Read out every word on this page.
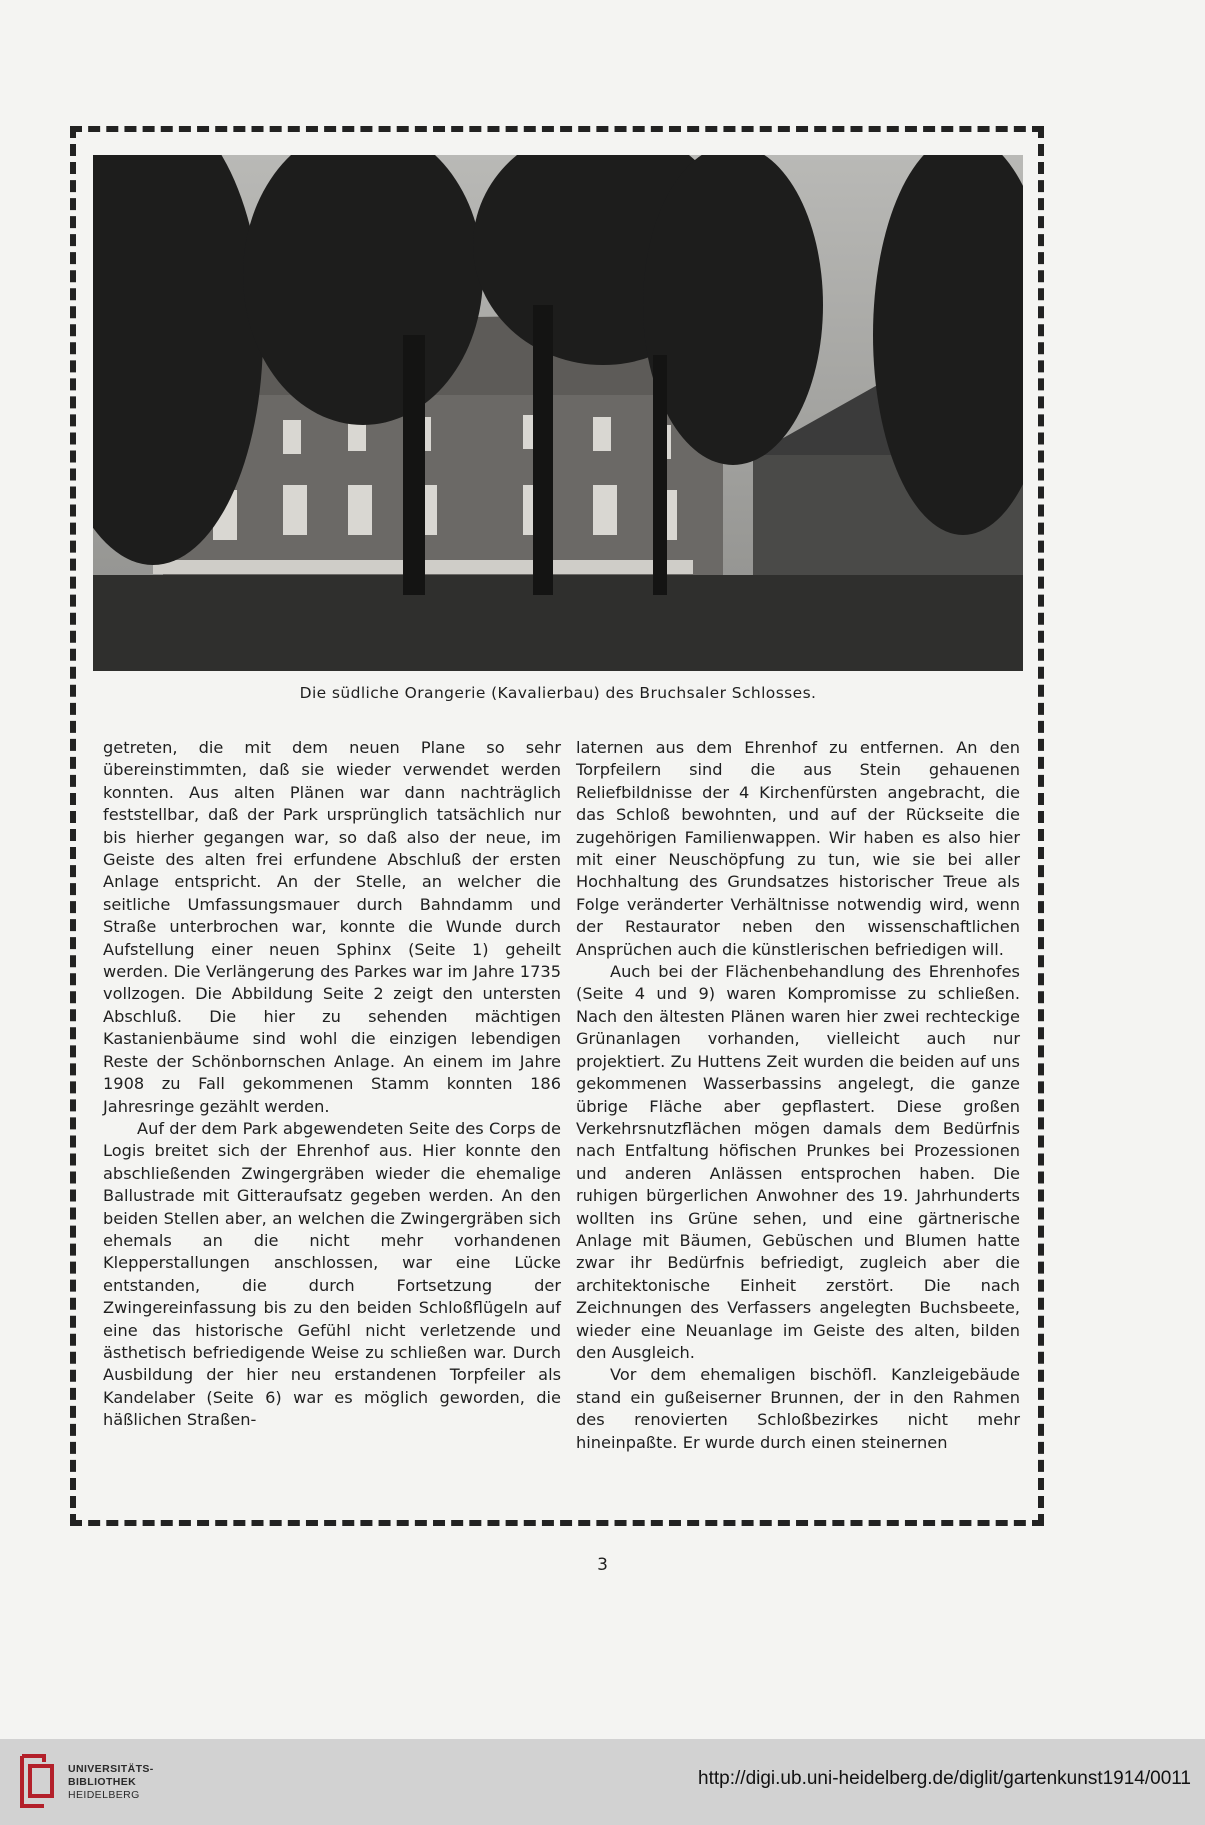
Die südliche Orangerie (Kavalierbau) des Bruchsaler Schlosses.

getreten, die mit dem neuen Plane so sehr übereinstimmten, daß sie wieder verwendet werden konnten. Aus alten Plänen war dann nachträglich feststellbar, daß der Park ursprünglich tatsächlich nur bis hierher gegangen war, so daß also der neue, im Geiste des alten frei erfundene Abschluß der ersten Anlage entspricht. An der Stelle, an welcher die seitliche Umfassungsmauer durch Bahndamm und Straße unterbrochen war, konnte die Wunde durch Aufstellung einer neuen Sphinx (Seite 1) geheilt werden. Die Verlängerung des Parkes war im Jahre 1735 vollzogen. Die Abbildung Seite 2 zeigt den untersten Abschluß. Die hier zu sehenden mächtigen Kastanienbäume sind wohl die einzigen lebendigen Reste der Schönbornschen Anlage. An einem im Jahre 1908 zu Fall gekommenen Stamm konnten 186 Jahresringe gezählt werden.

Auf der dem Park abgewendeten Seite des Corps de Logis breitet sich der Ehrenhof aus. Hier konnte den abschließenden Zwingergräben wieder die ehemalige Ballustrade mit Gitteraufsatz gegeben werden. An den beiden Stellen aber, an welchen die Zwingergräben sich ehemals an die nicht mehr vorhandenen Klepperstallungen anschlossen, war eine Lücke entstanden, die durch Fortsetzung der Zwingereinfassung bis zu den beiden Schloßflügeln auf eine das historische Gefühl nicht verletzende und ästhetisch befriedigende Weise zu schließen war. Durch Ausbildung der hier neu erstandenen Torpfeiler als Kandelaber (Seite 6) war es möglich geworden, die häßlichen Straßen-

laternen aus dem Ehrenhof zu entfernen. An den Torpfeilern sind die aus Stein gehauenen Reliefbildnisse der 4 Kirchenfürsten angebracht, die das Schloß bewohnten, und auf der Rückseite die zugehörigen Familienwappen. Wir haben es also hier mit einer Neuschöpfung zu tun, wie sie bei aller Hochhaltung des Grundsatzes historischer Treue als Folge veränderter Verhältnisse notwendig wird, wenn der Restaurator neben den wissenschaftlichen Ansprüchen auch die künstlerischen befriedigen will.

Auch bei der Flächenbehandlung des Ehrenhofes (Seite 4 und 9) waren Kompromisse zu schließen. Nach den ältesten Plänen waren hier zwei rechteckige Grünanlagen vorhanden, vielleicht auch nur projektiert. Zu Huttens Zeit wurden die beiden auf uns gekommenen Wasserbassins angelegt, die ganze übrige Fläche aber gepflastert. Diese großen Verkehrsnutzflächen mögen damals dem Bedürfnis nach Entfaltung höfischen Prunkes bei Prozessionen und anderen Anlässen entsprochen haben. Die ruhigen bürgerlichen Anwohner des 19. Jahrhunderts wollten ins Grüne sehen, und eine gärtnerische Anlage mit Bäumen, Gebüschen und Blumen hatte zwar ihr Bedürfnis befriedigt, zugleich aber die architektonische Einheit zerstört. Die nach Zeichnungen des Verfassers angelegten Buchsbeete, wieder eine Neuanlage im Geiste des alten, bilden den Ausgleich.

Vor dem ehemaligen bischöfl. Kanzleigebäude stand ein gußeiserner Brunnen, der in den Rahmen des renovierten Schloßbezirkes nicht mehr hineinpaßte. Er wurde durch einen steinernen

3
UNIVERSITÄTS-
BIBLIOTHEK
HEIDELBERG
http://digi.ub.uni-heidelberg.de/diglit/gartenkunst1914/0011
